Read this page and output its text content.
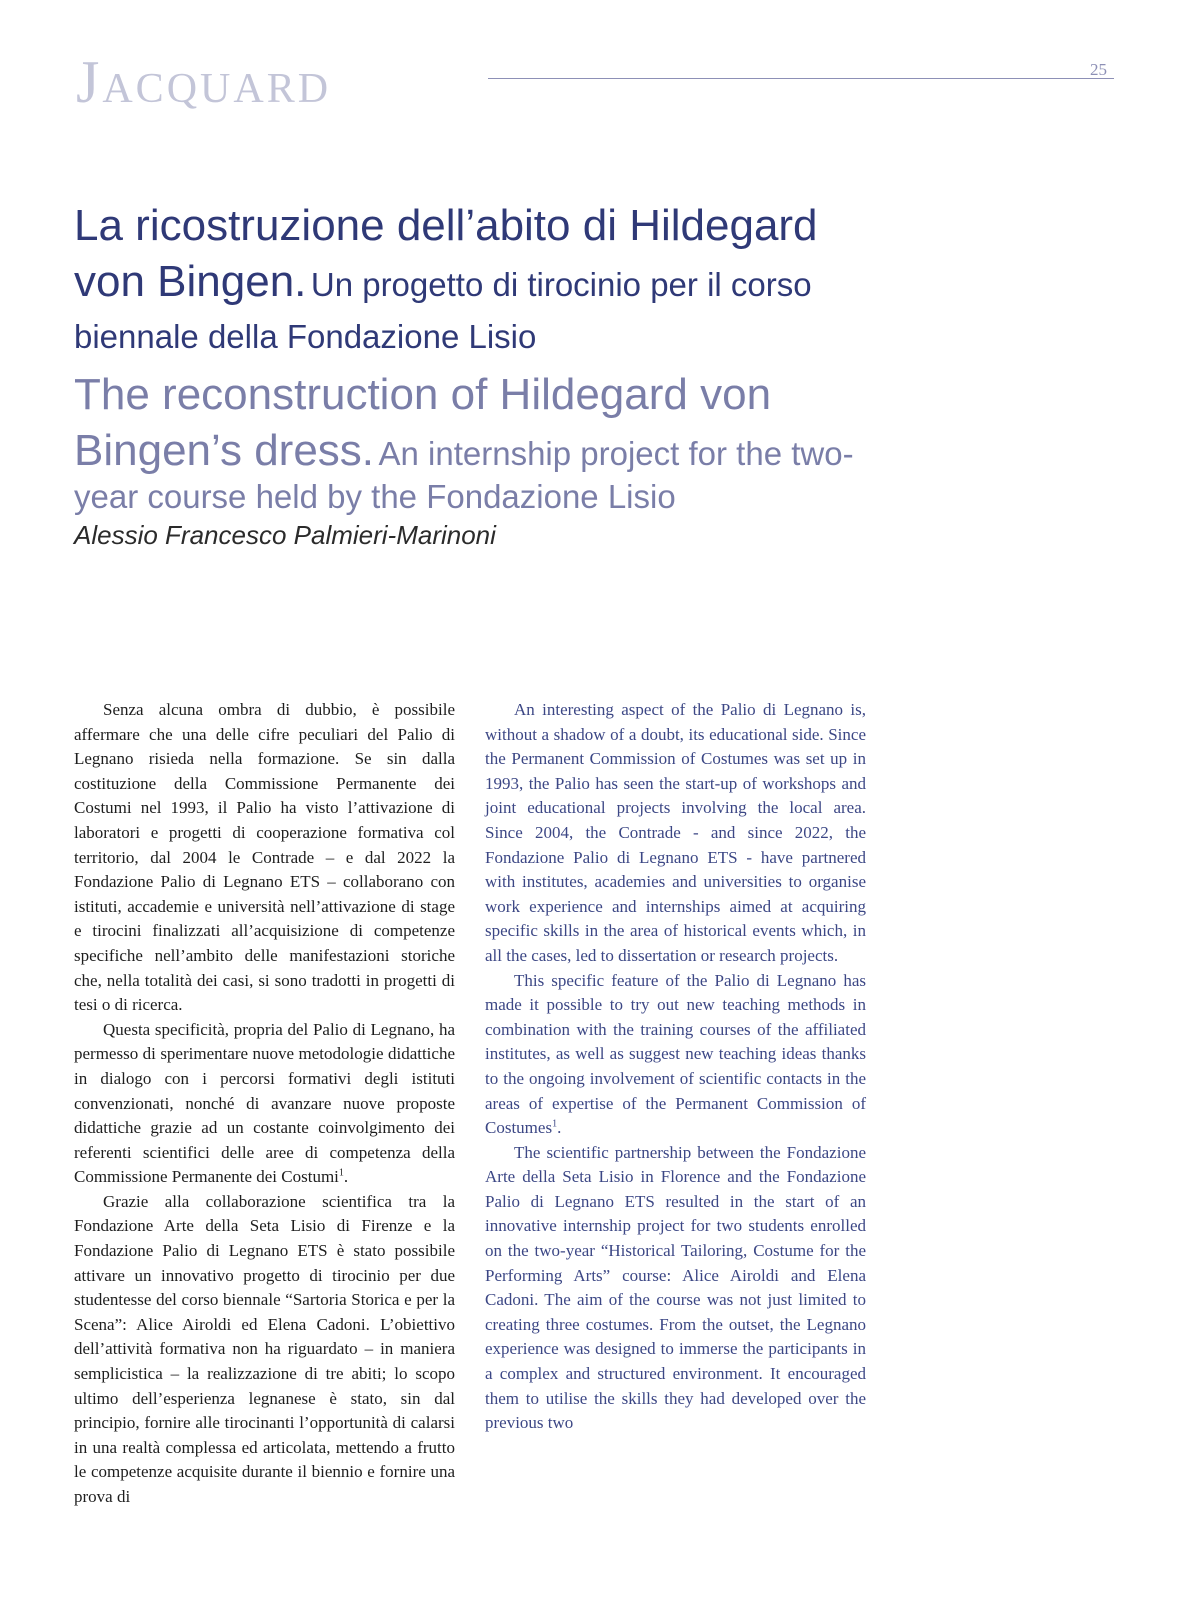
Jacquard	25
La ricostruzione dell’abito di Hildegard von Bingen. Un progetto di tirocinio per il corso biennale della Fondazione Lisio
The reconstruction of Hildegard von Bingen’s dress. An internship project for the two-year course held by the Fondazione Lisio
Alessio Francesco Palmieri-Marinoni

Senza alcuna ombra di dubbio, è possibile affermare che una delle cifre peculiari del Palio di Legnano risieda nella formazione. Se sin dalla costituzione della Commissione Permanente dei Costumi nel 1993, il Palio ha visto l’attivazione di laboratori e progetti di cooperazione formativa col territorio, dal 2004 le Contrade – e dal 2022 la Fondazione Palio di Legnano ETS – collaborano con istituti, accademie e università nell’attivazione di stage e tirocini finalizzati all’acquisizione di competenze specifiche nell’ambito delle manifestazioni storiche che, nella totalità dei casi, si sono tradotti in progetti di tesi o di ricerca.

Questa specificità, propria del Palio di Legnano, ha permesso di sperimentare nuove metodologie didattiche in dialogo con i percorsi formativi degli istituti convenzionati, nonché di avanzare nuove proposte didattiche grazie ad un costante coinvolgimento dei referenti scientifici delle aree di competenza della Commissione Permanente dei Costumi$^1$.

Grazie alla collaborazione scientifica tra la Fondazione Arte della Seta Lisio di Firenze e la Fondazione Palio di Legnano ETS è stato possibile attivare un innovativo progetto di tirocinio per due studentesse del corso biennale “Sartoria Storica e per la Scena”: Alice Airoldi ed Elena Cadoni. L’obiettivo dell’attività formativa non ha riguardato – in maniera semplicistica – la realizzazione di tre abiti; lo scopo ultimo dell’esperienza legnanese è stato, sin dal principio, fornire alle tirocinanti l’opportunità di calarsi in una realtà complessa ed articolata, mettendo a frutto le competenze acquisite durante il biennio e fornire una prova di

An interesting aspect of the Palio di Legnano is, without a shadow of a doubt, its educational side. Since the Permanent Commission of Costumes was set up in 1993, the Palio has seen the start-up of workshops and joint educational projects involving the local area. Since 2004, the Contrade - and since 2022, the Fondazione Palio di Legnano ETS - have partnered with institutes, academies and universities to organise work experience and internships aimed at acquiring specific skills in the area of historical events which, in all the cases, led to dissertation or research projects.

This specific feature of the Palio di Legnano has made it possible to try out new teaching methods in combination with the training courses of the affiliated institutes, as well as suggest new teaching ideas thanks to the ongoing involvement of scientific contacts in the areas of expertise of the Permanent Commission of Costumes$^1$.

The scientific partnership between the Fondazione Arte della Seta Lisio in Florence and the Fondazione Palio di Legnano ETS resulted in the start of an innovative internship project for two students enrolled on the two-year “Historical Tailoring, Costume for the Performing Arts” course: Alice Airoldi and Elena Cadoni. The aim of the course was not just limited to creating three costumes. From the outset, the Legnano experience was designed to immerse the participants in a complex and structured environment. It encouraged them to utilise the skills they had developed over the previous two
